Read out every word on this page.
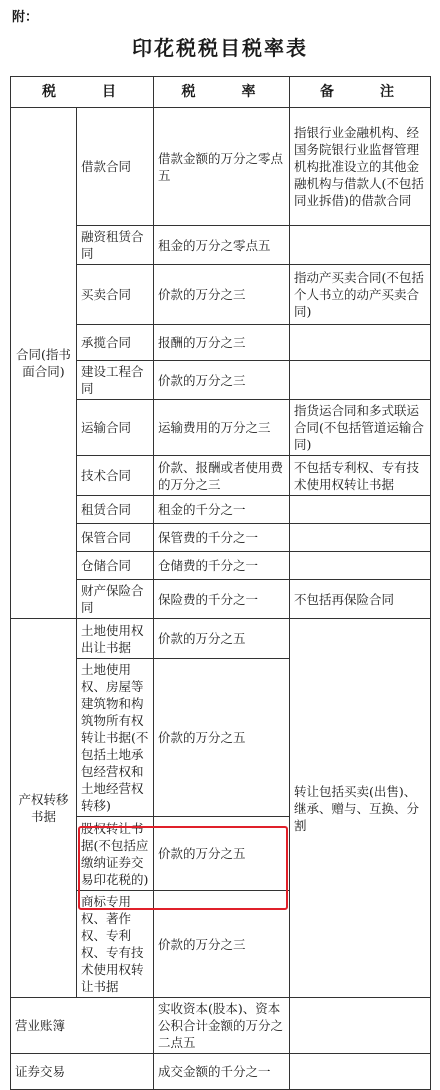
附：
印花税税目税率表
税　　目		税　　率	备　　注
合同(指书面合同)	借款合同	借款金额的万分之零点五	指银行业金融机构、经国务院银行业监督管理机构批准设立的其他金融机构与借款人(不包括同业拆借)的借款合同
	融资租赁合同	租金的万分之零点五	
	买卖合同	价款的万分之三	指动产买卖合同(不包括个人书立的动产买卖合同)
	承揽合同	报酬的万分之三	
	建设工程合同	价款的万分之三	
	运输合同	运输费用的万分之三	指货运合同和多式联运合同(不包括管道运输合同)
	技术合同	价款、报酬或者使用费的万分之三	不包括专利权、专有技术使用权转让书据
	租赁合同	租金的千分之一	
	保管合同	保管费的千分之一	
	仓储合同	仓储费的千分之一	
	财产保险合同	保险费的千分之一	不包括再保险合同
产权转移书据	土地使用权出让书据	价款的万分之五	转让包括买卖(出售)、继承、赠与、互换、分割
	土地使用权、房屋等建筑物和构筑物所有权转让书据(不包括土地承包经营权和土地经营权转移)	价款的万分之五	
	股权转让书据(不包括应缴纳证券交易印花税的)	价款的万分之五	
	商标专用权、著作权、专利权、专有技术使用权转让书据	价款的万分之三	
营业账簿		实收资本(股本)、资本公积合计金额的万分之二点五	
证券交易		成交金额的千分之一	
